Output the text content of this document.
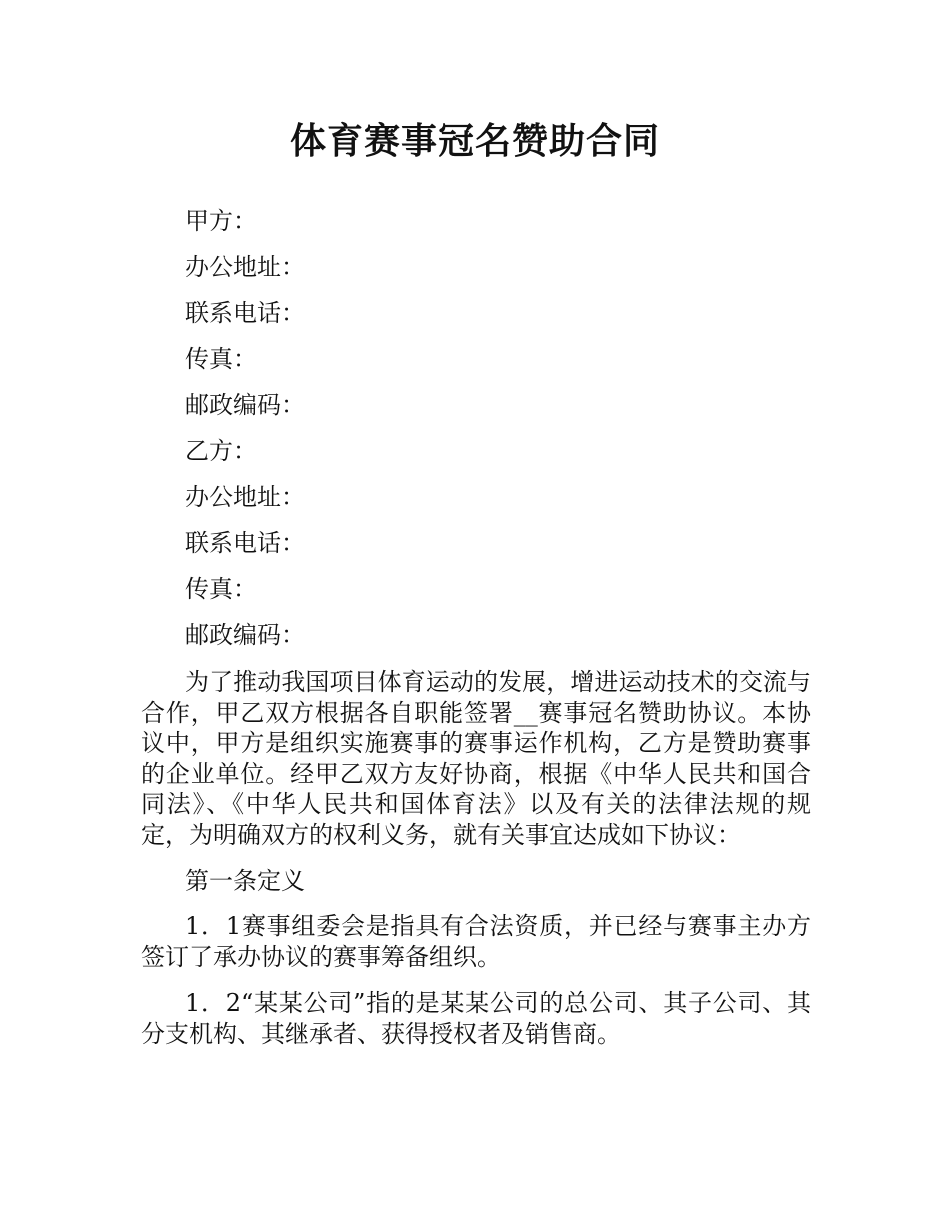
体育赛事冠名赞助合同

甲方：

办公地址：

联系电话：

传真：

邮政编码：

乙方：

办公地址：

联系电话：

传真：

邮政编码：

为了推动我国项目体育运动的发展，增进运动技术的交流与合作，甲乙双方根据各自职能签署__赛事冠名赞助协议。本协议中，甲方是组织实施赛事的赛事运作机构，乙方是赞助赛事的企业单位。经甲乙双方友好协商，根据《中华人民共和国合同法》、《中华人民共和国体育法》以及有关的法律法规的规定，为明确双方的权利义务，就有关事宜达成如下协议：

第一条定义

1．1赛事组委会是指具有合法资质，并已经与赛事主办方签订了承办协议的赛事筹备组织。

1．2“某某公司”指的是某某公司的总公司、其子公司、其分支机构、其继承者、获得授权者及销售商。
